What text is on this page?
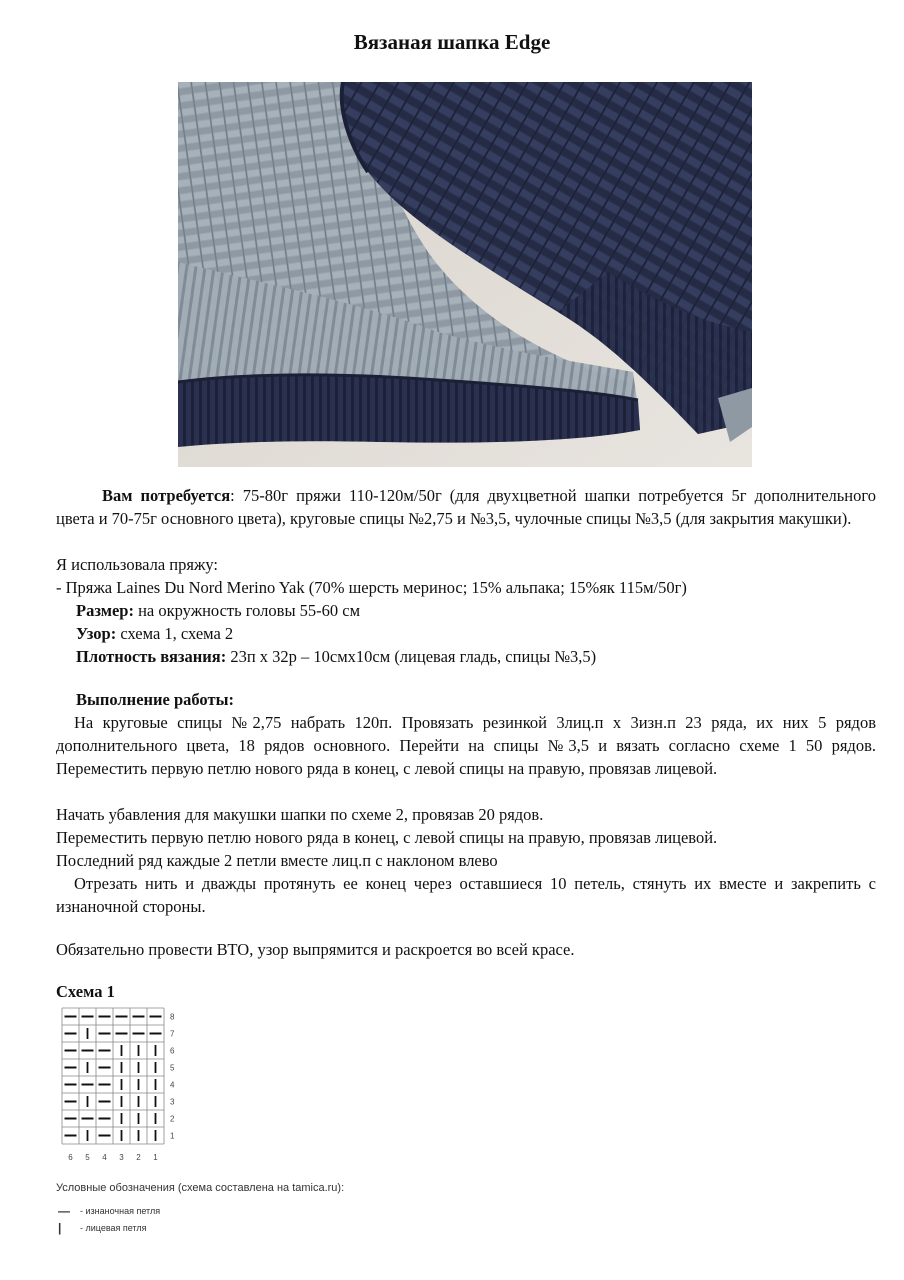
Вязаная шапка Edge
Вам потребуется: 75-80г пряжи 110-120м/50г (для двухцветной шапки потребуется 5г дополнительного цвета и 70-75г основного цвета), круговые спицы №2,75 и №3,5, чулочные спицы №3,5 (для закрытия макушки).
Я использовала пряжу:
- Пряжа Laines Du Nord Merino Yak (70% шерсть меринос; 15% альпака; 15%як 115м/50г)
Размер: на окружность головы 55-60 см
Узор: схема 1, схема 2
Плотность вязания: 23п х 32р – 10смх10см (лицевая гладь, спицы №3,5)
Выполнение работы:
На круговые спицы №2,75 набрать 120п. Провязать резинкой 3лиц.п х 3изн.п 23 ряда, их них 5 рядов дополнительного цвета, 18 рядов основного. Перейти на спицы №3,5 и вязать согласно схеме 1 50 рядов. Переместить первую петлю нового ряда в конец, с левой спицы на правую, провязав лицевой.
Начать убавления для макушки шапки по схеме 2, провязав 20 рядов.
Переместить первую петлю нового ряда в конец, с левой спицы на правую, провязав лицевой.
Последний ряд каждые 2 петли вместе лиц.п с наклоном влево
Отрезать нить и дважды протянуть ее конец через оставшиеся 10 петель, стянуть их вместе и закрепить с изнаночной стороны.
Обязательно провести ВТО, узор выпрямится и раскроется во всей красе.
Схема 1
8
7
6
5
4
3
2
1
6 5 4 3 2 1
Условные обозначения (схема составлена на tamica.ru):
—	- изнаночная петля
|	- лицевая петля
